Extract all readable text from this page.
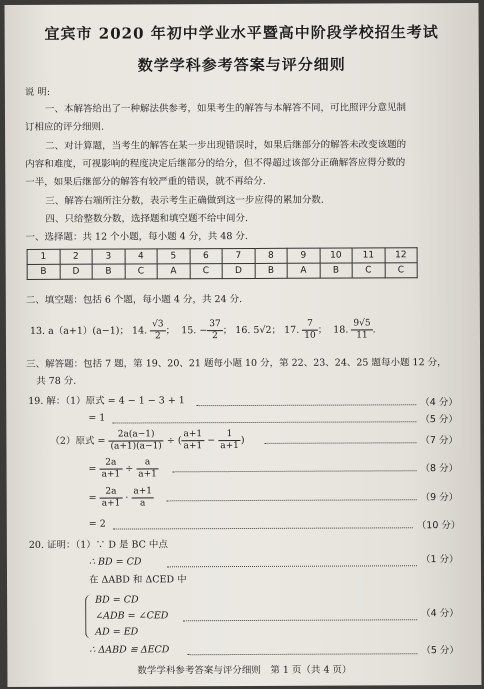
宜宾市 2020 年初中学业水平暨高中阶段学校招生考试
数学学科参考答案与评分细则
说 明:
一、本解答给出了一种解法供参考，如果考生的解答与本解答不同，可比照评分意见制
订相应的评分细则.
二、对计算题，当考生的解答在某一步出现错误时，如果后继部分的解答未改变该题的
内容和难度，可视影响的程度决定后继部分的给分，但不得超过该部分正确解答应得分数的
一半，如果后继部分的解答有较严重的错误，就不再给分.
三、解答右端所注分数，表示考生正确做到这一步应得的累加分数.
四、只给整数分数，选择题和填空题不给中间分.
一、选择题：共 12 个小题，每小题 4 分，共 48 分.
1	2	3	4	5	6	7	8	9	10	11	12
B	D	B	C	A	C	D	B	A	B	C	C
二、填空题：包括 6 个题，每小题 4 分，共 24 分.
13. a（a+1）(a−1)； 14. $\frac{√3}{2}$ ； 15. − $\frac{37}{2}$ ； 16. 5√2； 17. $\frac{7}{10}$ ； 18. $\frac{9√5}{11}$ .
三、解答题：包括 7 题，第 19、20、21 题每小题 10 分，第 22、23、24、25 题每小题 12 分，
共 78 分.
19. 解：（1）原式 = 4 − 1 − 3 + 1	（4 分）
= 1	（5 分）
（2）原式 = $\frac{2a(a-1)}{(a+1)(a-1)}$ ÷ ( $\frac{a+1}{a+1} - \frac{1}{a+1}$ )	（7 分）
= $\frac{2a}{a+1} \div \frac{a}{a+1}$	（8 分）
= $\frac{2a}{a+1} \cdot \frac{a+1}{a}$	（9 分）
= 2	（10 分）
20. 证明：（1）∵ D 是 BC 中点
∴ BD = CD	（1 分）
在 ΔABD 和 ΔCED 中
BD = CD
∠ADB = ∠CED
AD = ED
（4 分）
∴ ΔABD ≌ ΔECD	（5 分）
数学学科参考答案与评分细则　第 1 页（共 4 页）
